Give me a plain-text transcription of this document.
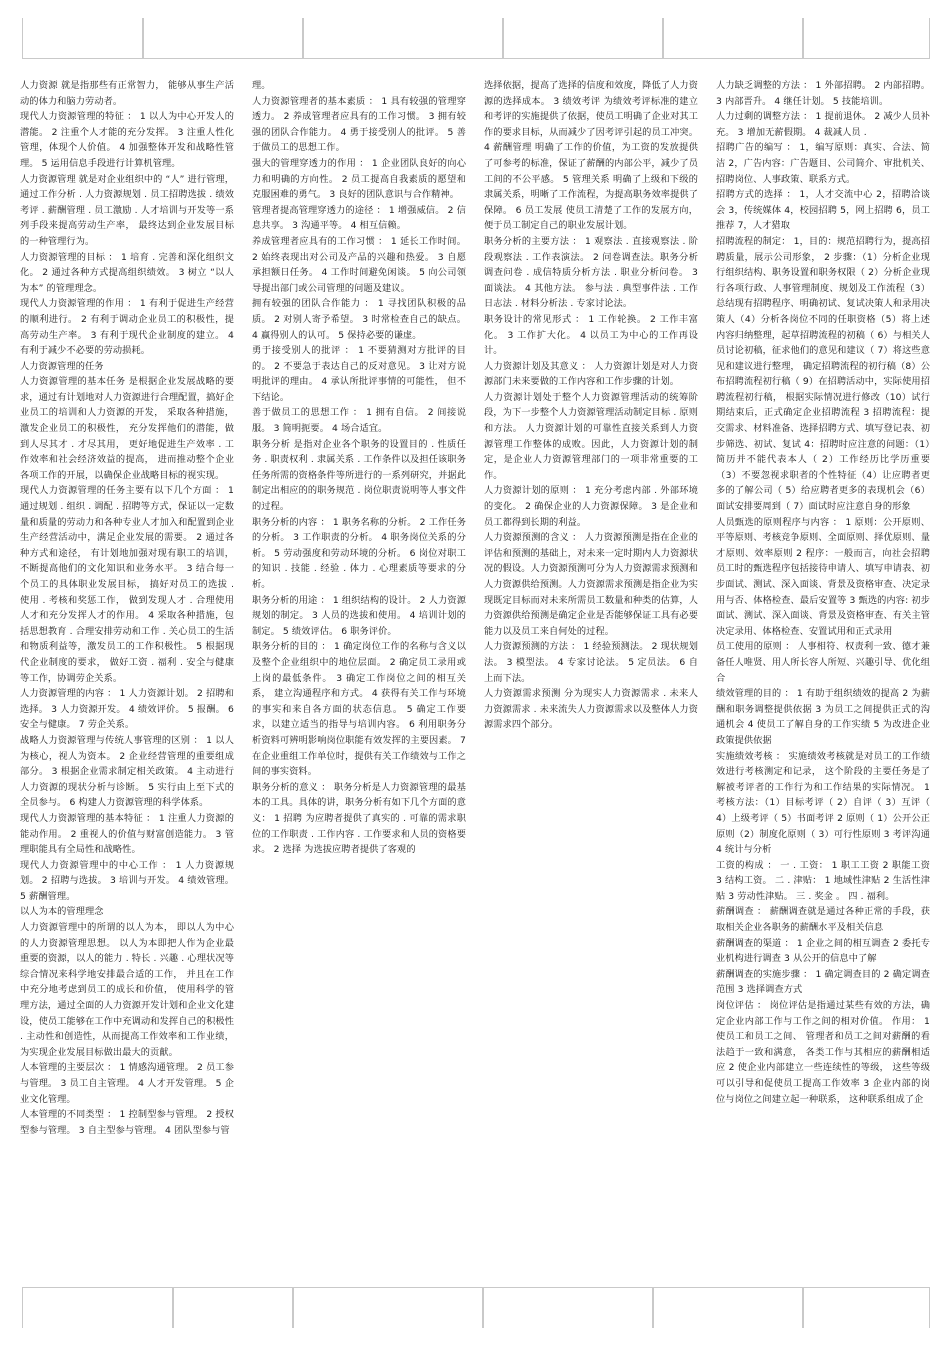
人力资源 就是指那些有正常智力， 能够从事生产活动的体力和脑力劳动者。

现代人力资源管理的特征 ： 1 以人为中心开发人的潜能。 2 注重个人才能的充分发挥。 3 注重人性化管理，体现个人价值。 4 加强整体开发和战略性管理。 5 运用信息手段进行计算机管理。

人力资源管理 就是对企业组织中的 “人” 进行管理，通过工作分析 . 人力资源规划 . 员工招聘选拔 . 绩效考评 . 薪酬管理 . 员工激励 . 人才培训与开发等一系列手段来提高劳动生产率， 最终达到企业发展目标的一种管理行为。

人力资源管理的目标 ： 1 培育 . 完善和深化组织文化。 2 通过各种方式提高组织绩效。 3 树立 “以人为本” 的管理理念。

现代人力资源管理的作用 ： 1 有利于促进生产经营的顺利进行。 2 有利于调动企业员工的积极性，提高劳动生产率。 3 有利于现代企业制度的建立。 4 有利于减少不必要的劳动损耗。

人力资源管理的任务

人力资源管理的基本任务 是根据企业发展战略的要求，通过有计划地对人力资源进行合理配置，搞好企业员工的培训和人力资源的开发， 采取各种措施，激发企业员工的积极性， 充分发挥他们的潜能，做到人尽其才 . 才尽其用， 更好地促进生产效率 . 工作效率和社会经济效益的提高， 进而推动整个企业各项工作的开展，以确保企业战略目标的视实现。

现代人力资源管理的任务主要有以下几个方面 ： 1 通过规划 . 组织 . 调配 . 招聘等方式，保证以一定数量和质量的劳动力和各种专业人才加入和配置到企业生产经营活动中，满足企业发展的需要。 2 通过各种方式和途径， 有计划地加强对现有职工的培训，不断提高他们的文化知识和业务水平。 3 结合每一个员工的具体职业发展目标， 搞好对员工的选拔 . 使用 . 考核和奖惩工作， 做到发现人才 . 合理使用人才和充分发挥人才的作用。 4 采取各种措施，包括思想教育 . 合理安排劳动和工作 . 关心员工的生活和物质利益等，激发员工的工作积极性。 5 根据现代企业制度的要求， 做好工资 . 福利 . 安全与健康等工作，协调劳企关系。

人力资源管理的内容 ： 1 人力资源计划。 2 招聘和选择。 3 人力资源开发。 4 绩效评价。 5 报酬。 6 安全与健康。 7 劳企关系。

战略人力资源管理与传统人事管理的区别 ： 1 以人为核心，视人为资本。 2 企业经营管理的重要组成部分。 3 根据企业需求制定相关政策。 4 主动进行人力资源的现状分析与诊断。 5 实行由上至下式的全员参与。 6 构建人力资源管理的科学体系。

现代人力资源管理的基本特征 ： 1 注重人力资源的能动作用。 2 重视人的价值与财富创造能力。 3 管理职能具有全局性和战略性。

现代人力资源管理中的中心工作 ： 1 人力资源规划。 2 招聘与选拔。 3 培训与开发。 4 绩效管理。 5 薪酬管理。

以人为本的管理理念

人力资源管理中的所谓的以人为本， 即以人为中心的人力资源管理思想。 以人为本即把人作为企业最重要的资源，以人的能力 . 特长 . 兴趣 . 心理状况等综合情况来科学地安排最合适的工作， 并且在工作中充分地考虑到员工的成长和价值， 使用科学的管理方法，通过全面的人力资源开发计划和企业文化建设，使员工能够在工作中充调动和发挥自己的积极性 . 主动性和创造性，从而提高工作效率和工作业绩，为实现企业发展目标做出最大的贡献。

人本管理的主要层次 ： 1 情感沟通管理。 2 员工参与管理。 3 员工自主管理。 4 人才开发管理。 5 企业文化管理。

人本管理的不同类型 ： 1 控制型参与管理。 2 授权型参与管理。 3 自主型参与管理。 4 团队型参与管

理。

人力资源管理者的基本素质 ： 1 具有较强的管理穿透力。 2 养成管理者应具有的工作习惯。 3 拥有较强的团队合作能力。 4 勇于接受別人的批评。 5 善于做员工的思想工作。

强大的管理穿透力的作用 ： 1 企业团队良好的向心力和明确的方向性。 2 员工提高自我素质的愿望和克服困难的勇气。 3 良好的团队意识与合作精神。

管理者提高管理穿透力的途径 ： 1 增强威信。 2 信息共享。 3 沟通平等。 4 相互信赖。

养成管理者应具有的工作习惯 ： 1 延长工作时间。 2 始终表现出对公司及产品的兴趣和热爱。 3 自愿承担额日任务。 4 工作时间避免闲谈。 5 向公司领导提出部门或公司管理的问题及建议。

拥有较强的团队合作能力 ： 1 寻找团队积极的品质。 2 对别人寄予希望。 3 时常检查自己的缺点。 4 赢得别人的认可。 5 保持必要的谦虚。

勇于接受别人的批评 ： 1 不要猜测对方批评的目的。 2 不要急于表达自己的反对意见。 3 让对方说明批评的理由。 4 承认所批评事情的可能性， 但不下结论。

善于做员工的思想工作 ： 1 拥有自信。 2 间接说服。 3 简明扼要。 4 场合适宜。

职务分析 是指对企业各个职务的设置目的 . 性质任务 . 职责权利 . 隶属关系 . 工作条件以及担任该职务任务所需的资格条件等所进行的一系列研究，并据此制定出相应的的职务规范 . 岗位职责说明等人事文件的过程。

职务分析的内容 ： 1 职务名称的分析。 2 工作任务的分析。 3 工作职责的分析。 4 职务岗位关系的分析。 5 劳动强度和劳动环境的分析。 6 岗位对职工的知识 . 技能 . 经验 . 体力 . 心理素质等要求的分析。

职务分析的用途 ： 1 组织结构的设计。 2 人力资源规划的制定。 3 人员的选拔和使用。 4 培训计划的制定。 5 绩效评估。 6 职务评价。

职务分析的目的 ： 1 确定岗位工作的名称与含义以及整个企业组织中的地位层面。 2 确定员工录用或上岗的最低条件。 3 确定工作岗位之间的相互关系， 建立沟通程序和方式。 4 获得有关工作与环境的事实和来自各方面的状态信息。 5 确定工作要求，以建立适当的指导与培训内容。 6 利用职务分析资料可辨明影响岗位职能有效发挥的主要因素。 7 在企业重组工作单位时，提供有关工作绩效与工作之间的事实资料。

职务分析的意义 ： 职务分析是人力资源管理的最基本的工具。具体的讲，职务分析有如下几个方面的意义： 1 招聘 为应聘者提供了真实的 . 可靠的需求职位的工作职责 . 工作内容 . 工作要求和人员的资格要求。 2 选择 为选拔应聘者提供了客观的

选择依据，提高了选择的信度和效度，降低了人力资源的选择成本。 3 绩效考评 为绩效考评标准的建立和考评的实施提供了依据，使员工明确了企业对其工作的要求目标，从而减少了因考评引起的员工冲突。 4 薪酬管理 明确了工作的价值，为工资的发放提供了可参考的标准，保证了薪酬的内部公平，减少了员工间的不公平感。 5 管理关系 明确了上级和下级的隶属关系，明晰了工作流程，为提高职务效率提供了保障。 6 员工发展 使员工清楚了工作的发展方向，便于员工制定自己的职业发展计划。

职务分析的主要方法 ： 1 观察法 . 直接观察法 . 阶段观察法 . 工作表演法。 2 问卷调查法。职务分析调查问卷 . 成信特质分析方法 . 职业分析问卷。 3 面谈法。 4 其他方法。 参与法 . 典型事件法 . 工作日志法 . 材料分析法 . 专家讨论法。

职务设计的常见形式 ： 1 工作轮换。 2 工作丰富化。 3 工作扩大化。 4 以员工为中心的工作再设计。

人力资源计划及其意义 ： 人力资源计划是对人力资源部门未来要做的工作内容和工作步骤的计划。

人力资源计划处于整个人力资源管理活动的统筹阶段，为下一步整个人力资源管理活动制定目标 . 原则和方法。 人力资源计划的可靠性直接关系到人力资源管理工作整体的成败。因此，人力资源计划的制定，是企业人力资源管理部门的一项非常重要的工作。

人力资源计划的原则 ： 1 充分考虑内部 . 外部环境的变化。 2 确保企业的人力资源保障。 3 是企业和员工都得到长期的利益。

人力资源预测的含义 ： 人力资源预测是指在企业的评估和预测的基础上，对未来一定时期内人力资源状况的假设。人力资源预测可分为人力资源需求预测和人力资源供给预测。人力资源需求预测是指企业为实现既定目标而对未来所需员工数量和种类的估算，人力资源供给预测是确定企业是否能够保证工具有必要能力以及员工来自何处的过程。

人力资源预测的方法 ： 1 经验预测法。 2 现状规划法。 3 模型法。 4 专家讨论法。 5 定员法。 6 自上而下法。

人力资源需求预测 分为现实人力资源需求 . 未来人力资源需求 . 未来流失人力资源需求以及整体人力资源需求四个部分。

人力缺乏调整的方法 ： 1 外部招聘。 2 内部招聘。 3 内部晋升。 4 继任计划。 5 技能培训。

人力过剩的调整方法 ： 1 提前退休。 2 减少人员补充。 3 增加无薪假期。 4 裁减人员 .

招聘广告的编写 ： 1，编写原则：真实、合法、简洁 2，广告内容：广告题目、公司简介、审批机关、招聘岗位、人事政策、联系方式。

招聘方式的选择 ： 1，人才交流中心 2，招聘洽谈会 3，传统媒体 4，校园招聘 5，网上招聘 6，员工推荐 7，人才猎取

招聘流程的制定： 1，目的：规范招聘行为，提高招聘质量，展示公司形象， 2 步骤：（1）分析企业现行组织结构、职务设置和职务权限（ 2）分析企业现行各项行政、人事管理制度、规划及工作流程（3）总结现有招聘程序、明确初试、复试决策人和录用决策人（4）分析各岗位不同的任职资格（5）将上述内容归纳整理，起草招聘流程的初稿（ 6）与相关人员讨论初稿，征求他们的意见和建议（ 7）将这些意见和建议进行整理， 确定招聘流程的初行稿（8）公布招聘流程初行稿（ 9）在招聘活动中，实际使用招聘流程初行稿， 根据实际情况进行修改（10）试行期结束后，正式确定企业招聘流程 3 招聘流程：提交需求、材料准备、选择招聘方式、填写登记表、初步筛选、初试、复试 4：招聘时应注意的问题：（1）简历并不能代表本人（ 2）工作经历比学历重要（3）不要忽视求职者的个性特征（4）让应聘者更多的了解公司（ 5）给应聘者更多的表现机会（6）面试安排要周到（ 7）面试时应注意自身的形象

人员甄选的原则程序与内容 ： 1 原则：公开原则、平等原则、考核竞争原则、全面原则、择优原则、量才原则、效率原则 2 程序：一般而言，向社会招聘员工时的甄选程序包括接待申请人、填写申请表、初步面试、测试、深入面谈、背景及资格审查、决定录用与否、体格检查、最后安置等 3 甄选的内容: 初步面试、测试、深入面谈、背景及资格审查、有关主管决定录用、体格检查、安置试用和正式录用

员工使用的原则 ： 人事相符、权责利一致、德才兼备任人唯贤、用人所长容人所短、兴趣引导、优化组合

绩效管理的目的 ： 1 有助于组织绩效的提高 2 为薪酬和职务调整提供依据 3 为员工之间提供正式的沟通机会 4 使员工了解自身的工作实绩 5 为改进企业政策提供依据

实施绩效考核 ： 实施绩效考核就是对员工的工作绩效进行考核测定和记录， 这个阶段的主要任务是了解被考评者的工作行为和工作结果的实际情况。 1 考核方法：（1）目标考评（ 2）自评（ 3）互评（ 4）上级考评（ 5）书面考评 2 原则（ 1）公开公正原则（2）制度化原则（ 3）可行性原则 3 考评沟通 4 统计与分析

工资的构成 ： 一 . 工资： 1 职工工资 2 职能工资 3 结构工资。 二 . 津贴： 1 地域性津贴 2 生活性津贴 3 劳动性津贴。 三 . 奖金 。 四 . 福利。

薪酬调查 ： 薪酬调查就是通过各种正常的手段，获取相关企业各职务的薪酬水平及相关信息

薪酬调查的渠道 ： 1 企业之间的相互调查 2 委托专业机构进行调查 3 从公开的信息中了解

薪酬调查的实施步骤 ： 1 确定调查目的 2 确定调查范围 3 选择调查方式

岗位评估 ： 岗位评估是指通过某些有效的方法，确定企业内部工作与工作之间的相对价值。 作用： 1 使员工和员工之间、 管理者和员工之间对薪酬的看法趋于一致和满意， 各类工作与其相应的薪酬相适应 2 使企业内部建立一些连续性的等级， 这些等级可以引导和促使员工提高工作效率 3 企业内部的岗位与岗位之间建立起一种联系， 这种联系组成了企
